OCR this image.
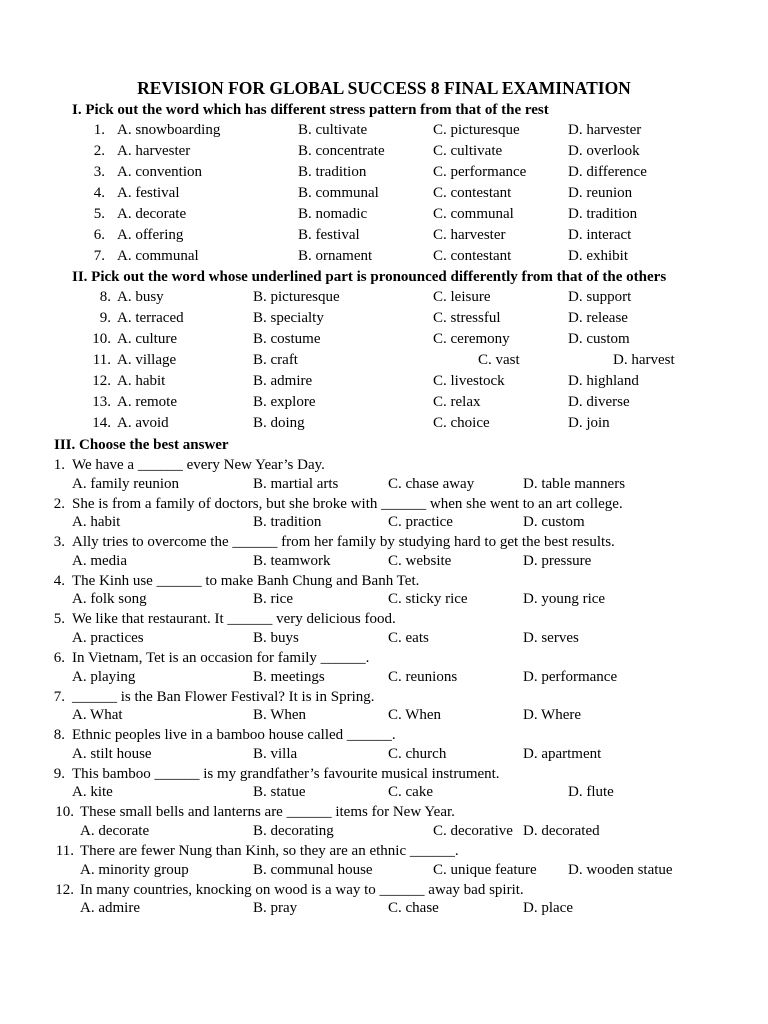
REVISION FOR GLOBAL SUCCESS 8 FINAL EXAMINATION
I. Pick out the word which has different stress pattern from that of the rest
1. A. snowboarding	B. cultivate	C. picturesque	D. harvester
2. A. harvester	B. concentrate	C. cultivate	D. overlook
3. A. convention	B. tradition	C. performance	D. difference
4. A. festival	B. communal	C. contestant	D. reunion
5. A. decorate	B. nomadic	C. communal	D. tradition
6. A. offering	B. festival	C. harvester	D. interact
7. A. communal	B. ornament	C. contestant	D. exhibit
II. Pick out the word whose underlined part is pronounced differently from that of the others
8. A. busy	B. picturesque	C. leisure	D. support
9. A. terraced	B. specialty	C. stressful	D. release
10. A. culture	B. costume	C. ceremony	D. custom
11. A. village	B. craft	C. vast	D. harvest
12. A. habit	B. admire	C. livestock	D. highland
13. A. remote	B. explore	C. relax	D. diverse
14. A. avoid	B. doing	C. choice	D. join
III. Choose the best answer
1. We have a ______ every New Year’s Day.
A. family reunion	B. martial arts	C. chase away	D. table manners
2. She is from a family of doctors, but she broke with ______ when she went to an art college.
A. habit	B. tradition	C. practice	D. custom
3. Ally tries to overcome the ______ from her family by studying hard to get the best results.
A. media	B. teamwork	C. website	D. pressure
4. The Kinh use ______ to make Banh Chung and Banh Tet.
A. folk song	B. rice	C. sticky rice	D. young rice
5. We like that restaurant. It ______ very delicious food.
A. practices	B. buys	C. eats	D. serves
6. In Vietnam, Tet is an occasion for family ______.
A. playing	B. meetings	C. reunions	D. performance
7. ______ is the Ban Flower Festival? It is in Spring.
A. What	B. When	C. When	D. Where
8. Ethnic peoples live in a bamboo house called ______.
A. stilt house	B. villa	C. church	D. apartment
9. This bamboo ______ is my grandfather’s favourite musical instrument.
A. kite	B. statue	C. cake	D. flute
10. These small bells and lanterns are ______ items for New Year.
A. decorate	B. decorating	C. decorative D. decorated
11. There are fewer Nung than Kinh, so they are an ethnic ______.
A. minority group	B. communal house	C. unique feature D. wooden statue
12. In many countries, knocking on wood is a way to ______ away bad spirit.
A. admire	B. pray	C. chase	D. place
